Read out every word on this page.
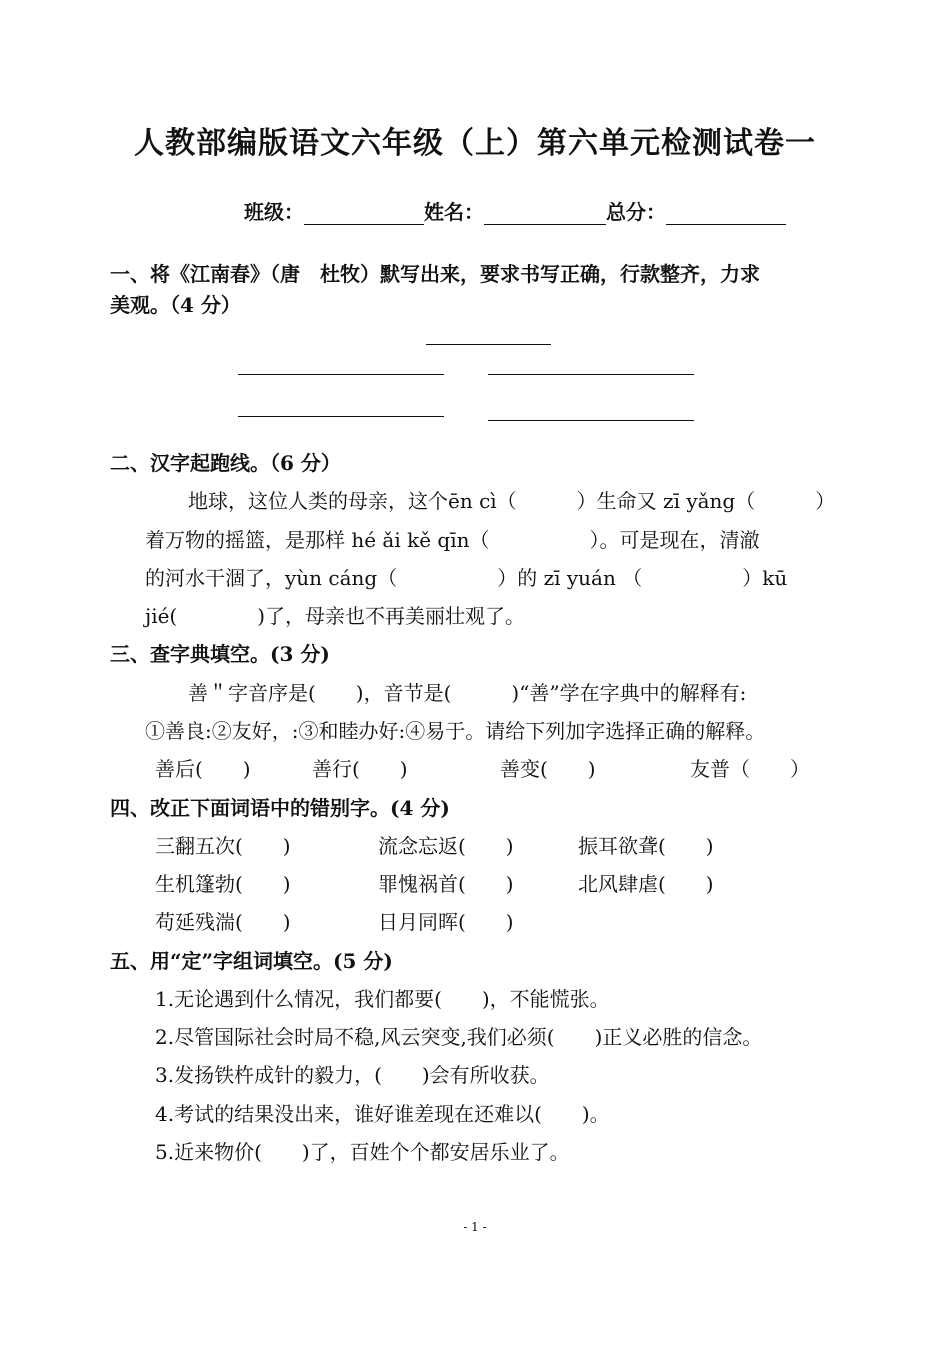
人教部编版语文六年级（上）第六单元检测试卷一
班级：	姓名：	总分：
一、将《江南春》（唐　杜牧）默写出来，要求书写正确，行款整齐，力求
美观。（4 分）
二、汉字起跑线。（6 分）
地球，这位人类的母亲，这个ēn cì（　　　）生命又 zī yǎng（　　　）
着万物的摇篮，是那样 hé ǎi kě qīn（　　　　　）。可是现在，清澈
的河水干涸了，yùn cáng（　　　　　）的 zī yuán （　　　　　）kū
jié(　　　　)了，母亲也不再美丽壮观了。
三、查字典填空。(3 分)
善＂字音序是(　　)，音节是(　　　)“善”学在字典中的解释有:
①善良:②友好，:③和睦办好:④易于。请给下列加字选择正确的解释。
善后(　　)	善行(　　)	善变(　　)	友普（　　）
四、改正下面词语中的错别字。(4 分)
三翻五次(　　)	流念忘返(　　)	振耳欲聋(　　)
生机篷勃(　　)	罪愧祸首(　　)	北风肆虐(　　)
苟延残湍(　　)	日月同晖(　　)
五、用“定”字组词填空。(5 分)
1.无论遇到什么情况，我们都要(　　)，不能慌张。
2.尽管国际社会时局不稳,风云突变,我们必须(　　)正义必胜的信念。
3.发扬铁杵成针的毅力，(　　)会有所收获。
4.考试的结果没出来，谁好谁差现在还难以(　　)。
5.近来物价(　　)了，百姓个个都安居乐业了。
- 1 -
